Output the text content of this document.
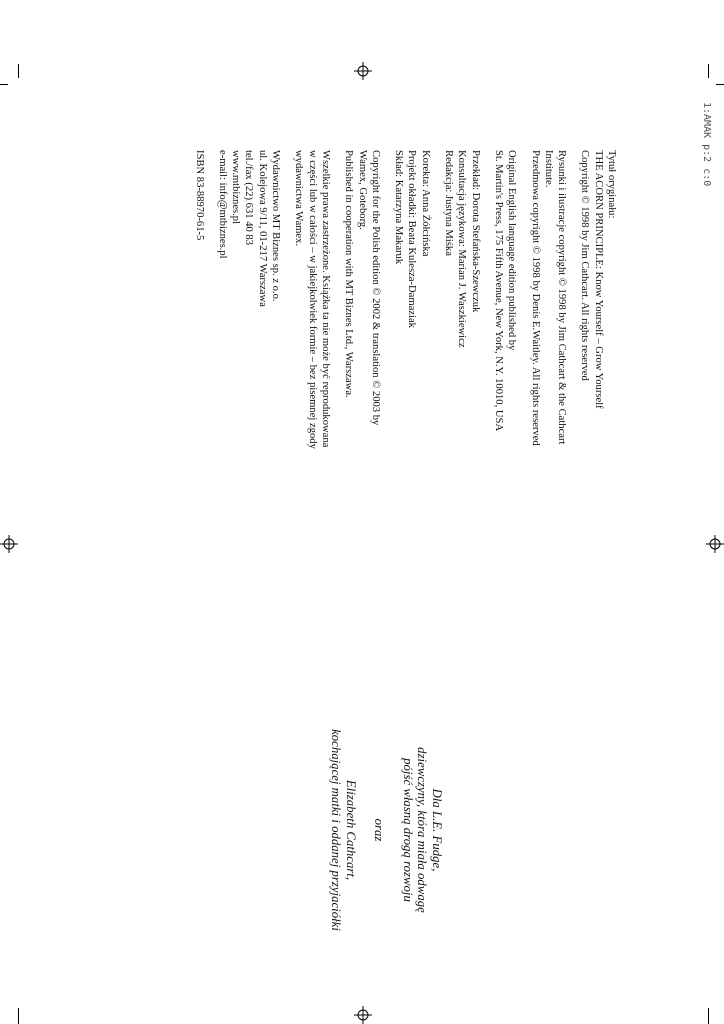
1:AMAK p:2 c:0
Tytuł oryginału:
THE ACORN PRINCIPLE: Know Yourself – Grow Yourself
Copyright © 1998 by Jim Cathcart. All rights reserved
Rysunki i ilustracje copyright © 1998 by Jim Cathcart & the Cathcart
Institute.
Przedmowa copyright © 1998 by Denis E.Waitley. All rights reserved
Original English language edition published by
St. Martin's Press, 175 Fifth Avenue, New York, N.Y. 10010, USA
Przekład: Dorota Stefańska-Szewczuk
Konsultacja językowa: Marian J. Waszkiewicz
Redakcja: Justyna Miśka
Korekta: Anna Żółcińska
Projekt okładki: Beata Kulesza-Damaziak
Skład: Katarzyna Makaruk
Copyright for the Polish edition © 2002 & translation © 2003 by
Wamex, Goteborg.
Published in cooperation with MT Biznes Ltd., Warszawa.
Wszelkie prawa zastrzeżone. Książka ta nie może być reprodukowana
w części lub w całości – w jakiejkolwiek formie – bez pisemnej zgody
wydawnictwa Wamex.
Wydawnictwo MT Biznes sp. z o.o.
ul. Kolejowa 9/11, 01-217 Warszawa
tel./fax (22) 631 40 83
www.mtbiznes.pl
e-mail: info@mtbiznes.pl
ISBN 83-88970-61-5
Dla L.E. Fudge,
dziewczyny, która miała odwagę
pójść własną drogą rozwoju
oraz
Elizabeth Cathcart,
kochającej matki i oddanej przyjaciółki
